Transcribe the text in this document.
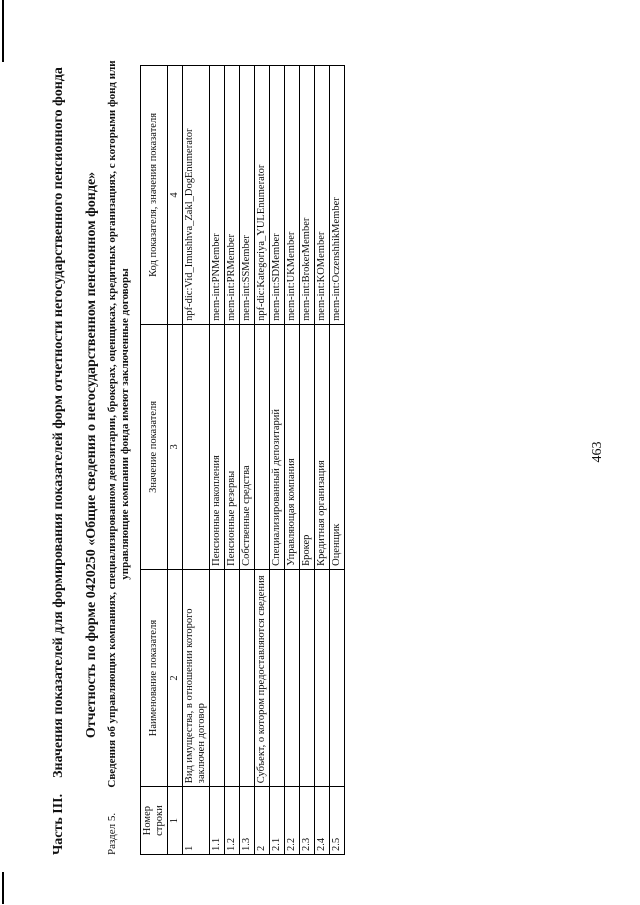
463
Часть III.Значения показателей для формирования показателей форм отчетности негосударственного пенсионного фонда Отчетность по форме 0420250 «Общие сведения о негосударственном пенсионном фонде»
Раздел 5.
Сведения об управляющих компаниях, специализированном депозитарии, брокерах, оценщиках, кредитных организациях, с которыми фонд или управляющие компании фонда имеют заключенные договоры
Номер строки	Наименование показателя	Значение показателя	Код показателя, значения показателя
1	2	3	4
1	Вид имущества, в отношении которого заключен договор		npf-dic:Vid_Imushhva_Zakl_DogEnumerator
1.1		Пенсионные накопления	mem-int:PNMember
1.2		Пенсионные резервы	mem-int:PRMember
1.3		Собственные средства	mem-int:SSMember
2	Субъект, о котором предоставляются сведения		npf-dic:Kategoriya_YULEnumerator
2.1		Специализированный депозитарий	mem-int:SDMember
2.2		Управляющая компания	mem-int:UKMember
2.3		Брокер	mem-int:BrokerMember
2.4		Кредитная организация	mem-int:KOMember
2.5		Оценщик	mem-int:OczenshhikMember
